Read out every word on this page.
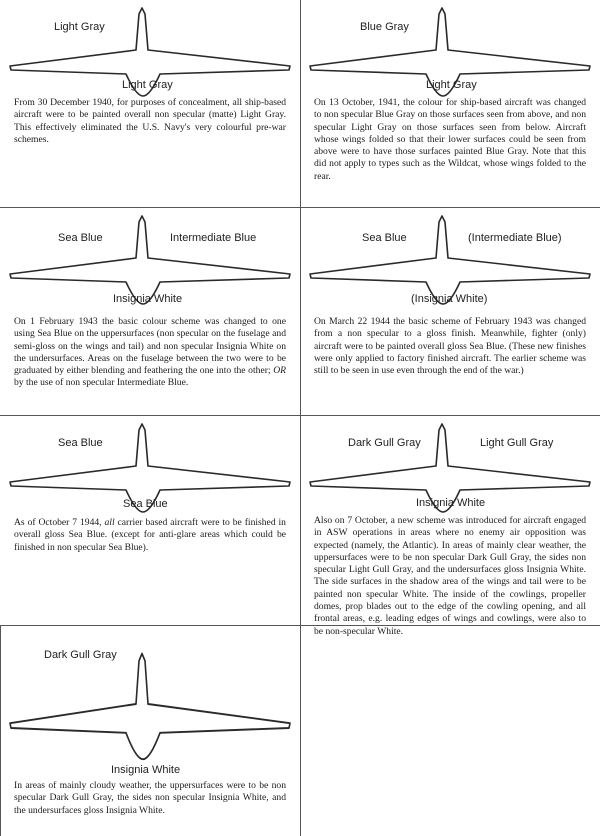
Light Gray
Light Gray

From 30 December 1940, for purposes of concealment, all ship-based aircraft were to be painted overall non specular (matte) Light Gray. This effectively eliminated the U.S. Navy's very colourful pre-war schemes.

Blue Gray
Light Gray

On 13 October, 1941, the colour for ship-based aircraft was changed to non specular Blue Gray on those surfaces seen from above, and non specular Light Gray on those surfaces seen from below. Aircraft whose wings folded so that their lower surfaces could be seen from above were to have those surfaces painted Blue Gray. Note that this did not apply to types such as the Wildcat, whose wings folded to the rear.

Sea Blue	Intermediate Blue
Insignia White

On 1 February 1943 the basic colour scheme was changed to one using Sea Blue on the uppersurfaces (non specular on the fuselage and semi-gloss on the wings and tail) and non specular Insignia White on the undersurfaces. Areas on the fuselage between the two were to be graduated by either blending and feathering the one into the other; OR by the use of non specular Intermediate Blue.

Sea Blue	(Intermediate Blue)
(Insignia White)

On March 22 1944 the basic scheme of February 1943 was changed from a non specular to a gloss finish. Meanwhile, fighter (only) aircraft were to be painted overall gloss Sea Blue. (These new finishes were only applied to factory finished aircraft. The earlier scheme was still to be seen in use even through the end of the war.)

Sea Blue
Sea Blue

As of October 7 1944, all carrier based aircraft were to be finished in overall gloss Sea Blue. (except for anti-glare areas which could be finished in non specular Sea Blue).

Dark Gull Gray	Light Gull Gray
Insignia White

Also on 7 October, a new scheme was introduced for aircraft engaged in ASW operations in areas where no enemy air opposition was expected (namely, the Atlantic). In areas of mainly clear weather, the uppersurfaces were to be non specular Dark Gull Gray, the sides non specular Light Gull Gray, and the undersurfaces gloss Insignia White. The side surfaces in the shadow area of the wings and tail were to be painted non specular White. The inside of the cowlings, propeller domes, prop blades out to the edge of the cowling opening, and all frontal areas, e.g. leading edges of wings and cowlings, were also to be non-specular White.

Dark Gull Gray
Insignia White

In areas of mainly cloudy weather, the uppersurfaces were to be non specular Dark Gull Gray, the sides non specular Insignia White, and the undersurfaces gloss Insignia White.
